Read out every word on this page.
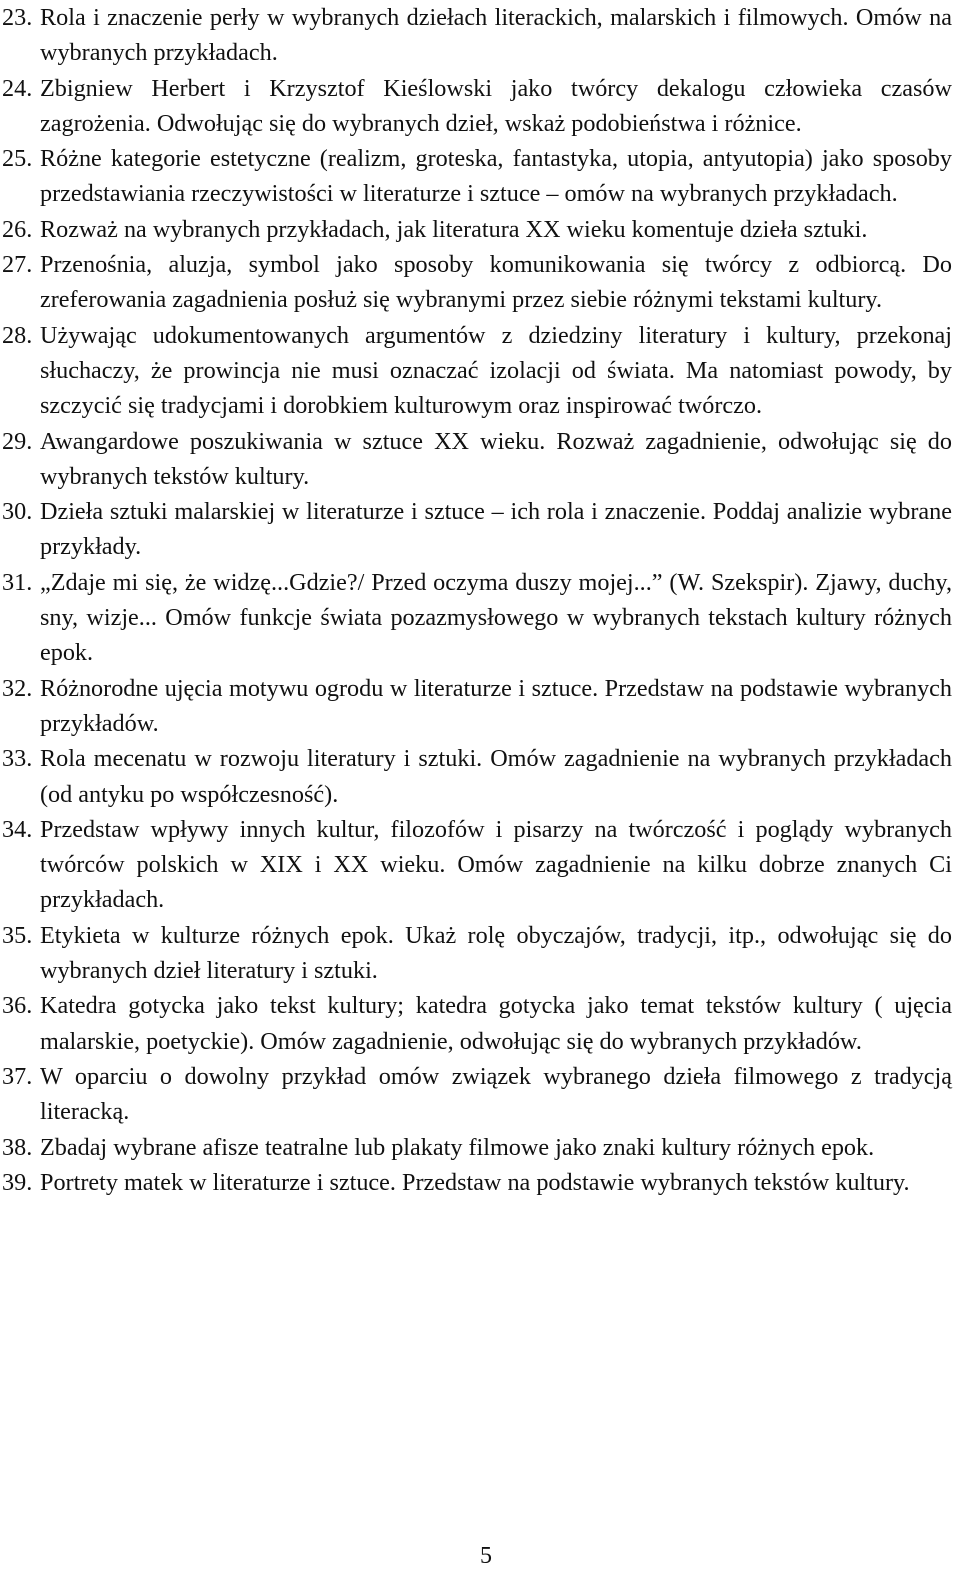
23. Rola i znaczenie perły w wybranych dziełach literackich, malarskich i filmowych. Omów na wybranych przykładach.
24. Zbigniew Herbert i Krzysztof Kieślowski jako twórcy dekalogu człowieka czasów zagrożenia. Odwołując się do wybranych dzieł, wskaż podobieństwa i różnice.
25. Różne kategorie estetyczne (realizm, groteska, fantastyka, utopia, antyutopia) jako sposoby przedstawiania rzeczywistości w literaturze i sztuce – omów na wybranych przykładach.
26. Rozważ na wybranych przykładach, jak literatura XX wieku komentuje dzieła sztuki.
27. Przenośnia, aluzja, symbol jako sposoby komunikowania się twórcy z odbiorcą. Do zreferowania zagadnienia posłuż się wybranymi przez siebie różnymi tekstami kultury.
28. Używając udokumentowanych argumentów z dziedziny literatury i kultury, przekonaj słuchaczy, że prowincja nie musi oznaczać izolacji od świata. Ma natomiast powody, by szczycić się tradycjami i dorobkiem kulturowym oraz inspirować twórczo.
29. Awangardowe poszukiwania w sztuce XX wieku. Rozważ zagadnienie, odwołując się do wybranych tekstów kultury.
30. Dzieła sztuki malarskiej w literaturze i sztuce – ich rola i znaczenie. Poddaj analizie wybrane przykłady.
31. „Zdaje mi się, że widzę...Gdzie?/ Przed oczyma duszy mojej...” (W. Szekspir). Zjawy, duchy, sny, wizje... Omów funkcje świata pozazmysłowego w wybranych tekstach kultury różnych epok.
32. Różnorodne ujęcia motywu ogrodu w literaturze i sztuce. Przedstaw na podstawie wybranych przykładów.
33. Rola mecenatu w rozwoju literatury i sztuki. Omów zagadnienie na wybranych przykładach (od antyku po współczesność).
34. Przedstaw wpływy innych kultur, filozofów i pisarzy na twórczość i poglądy wybranych twórców polskich w XIX i XX wieku. Omów zagadnienie na kilku dobrze znanych Ci przykładach.
35. Etykieta w kulturze różnych epok. Ukaż rolę obyczajów, tradycji, itp., odwołując się do wybranych dzieł literatury i sztuki.
36. Katedra gotycka jako tekst kultury; katedra gotycka jako temat tekstów kultury ( ujęcia malarskie, poetyckie). Omów zagadnienie, odwołując się do wybranych przykładów.
37. W oparciu o dowolny przykład omów związek wybranego dzieła filmowego z tradycją literacką.
38. Zbadaj wybrane afisze teatralne lub plakaty filmowe jako znaki kultury różnych epok.
39. Portrety matek w literaturze i sztuce. Przedstaw na podstawie wybranych tekstów kultury.
5
